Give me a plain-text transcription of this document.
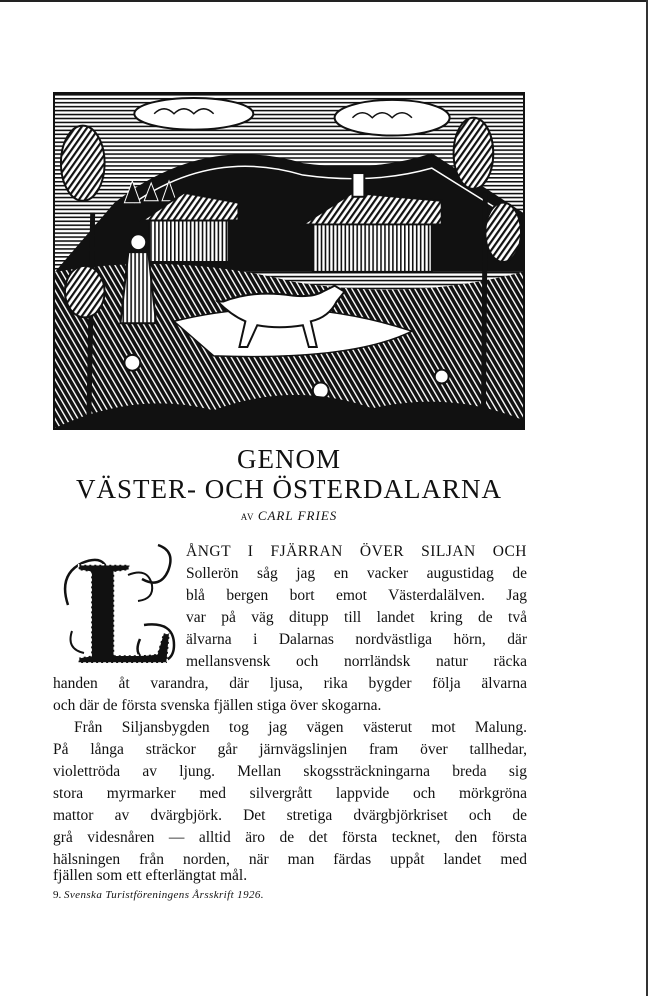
GENOM
VÄSTER- OCH ÖSTERDALARNA
AV CARL FRIES
L ÅNGT I FJÄRRAN ÖVER SILJAN OCH
Sollerön såg jag en vacker augustidag de
blå bergen bort emot Västerdalälven. Jag
var på väg ditupp till landet kring de två
älvarna i Dalarnas nordvästliga hörn, där
mellansvensk och norrländsk natur räcka
handen åt varandra, där ljusa, rika bygder följa älvarna
och där de första svenska fjällen stiga över skogarna.
Från Siljansbygden tog jag vägen västerut mot Malung.
På långa sträckor går järnvägslinjen fram över tallhedar,
violettröda av ljung. Mellan skogssträckningarna breda sig
stora myrmarker med silvergrått lappvide och mörkgröna
mattor av dvärgbjörk. Det stretiga dvärgbjörkriset och de
grå videsnåren — alltid äro de det första tecknet, den första
hälsningen från norden, när man färdas uppåt landet med
fjällen som ett efterlängtat mål.
9. Svenska Turistföreningens Årsskrift 1926.
